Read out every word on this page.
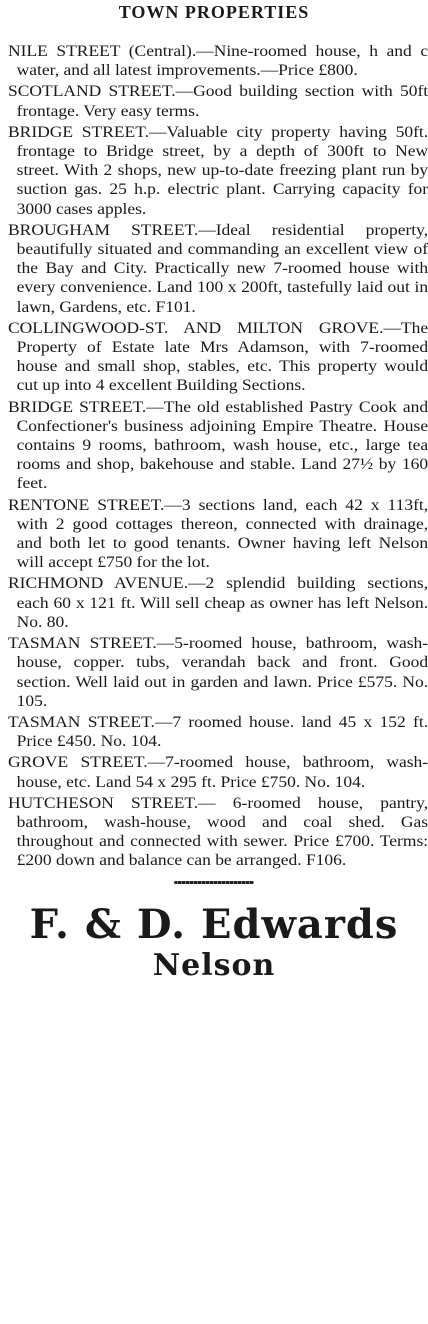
TOWN PROPERTIES

NILE STREET (Central).—Nine-roomed house, h and c water, and all latest improvements.—Price £800.

SCOTLAND STREET.—Good building section with 50ft frontage. Very easy terms.

BRIDGE STREET.—Valuable city property having 50ft. frontage to Bridge street, by a depth of 300ft to New street. With 2 shops, new up-to-date freezing plant run by suction gas. 25 h.p. electric plant. Carrying capacity for 3000 cases apples.

BROUGHAM STREET.—Ideal residential property, beautifully situated and commanding an excellent view of the Bay and City. Practically new 7-roomed house with every convenience. Land 100 x 200ft, tastefully laid out in lawn, Gardens, etc. F101.

COLLINGWOOD-ST. AND MILTON GROVE.—The Property of Estate late Mrs Adamson, with 7-roomed house and small shop, stables, etc. This property would cut up into 4 excellent Building Sections.

BRIDGE STREET.—The old established Pastry Cook and Confectioner's business adjoining Empire Theatre. House contains 9 rooms, bathroom, wash house, etc., large tea rooms and shop, bakehouse and stable. Land 27½ by 160 feet.

RENTONE STREET.—3 sections land, each 42 x 113ft, with 2 good cottages thereon, connected with drainage, and both let to good tenants. Owner having left Nelson will accept £750 for the lot.

RICHMOND AVENUE.—2 splendid building sections, each 60 x 121 ft. Will sell cheap as owner has left Nelson. No. 80.

TASMAN STREET.—5-roomed house, bathroom, wash-house, copper. tubs, verandah back and front. Good section. Well laid out in garden and lawn. Price £575. No. 105.

TASMAN STREET.—7 roomed house. land 45 x 152 ft. Price £450. No. 104.

GROVE STREET.—7-roomed house, bathroom, wash-house, etc. Land 54 x 295 ft. Price £750. No. 104.

HUTCHESON STREET.— 6-roomed house, pantry, bathroom, wash-house, wood and coal shed. Gas throughout and connected with sewer. Price £700. Terms: £200 down and balance can be arranged. F106.

F. & D. Edwards
Nelson
